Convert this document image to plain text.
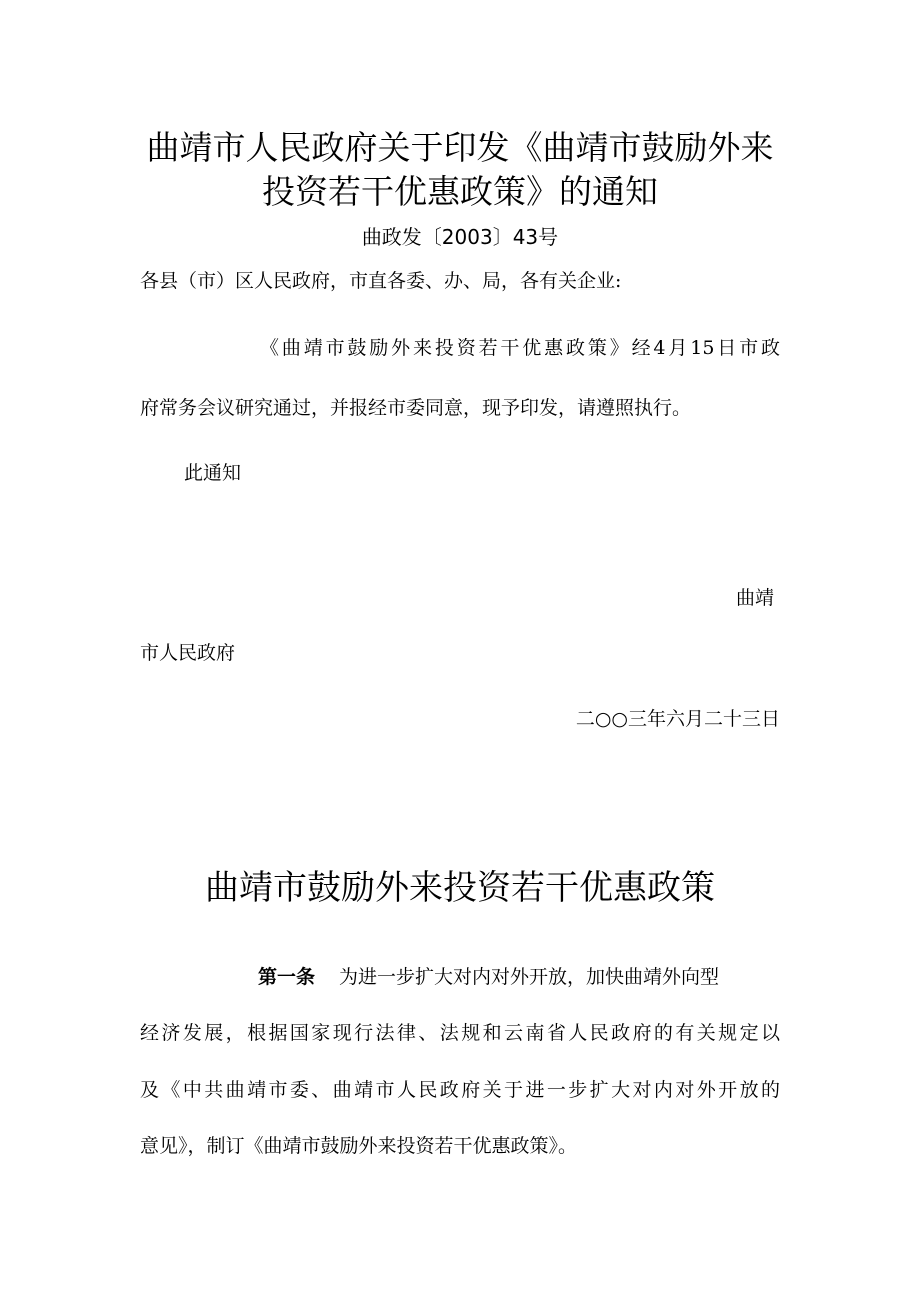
曲靖市人民政府关于印发《曲靖市鼓励外来
投资若干优惠政策》的通知
曲政发〔2003〕43号
各县（市）区人民政府，市直各委、办、局，各有关企业:
《曲靖市鼓励外来投资若干优惠政策》经4月15日市政
府常务会议研究通过，并报经市委同意，现予印发，请遵照执行。
此通知
曲靖
市人民政府
二○○三年六月二十三日
曲靖市鼓励外来投资若干优惠政策
第一条 为进一步扩大对内对外开放，加快曲靖外向型
经济发展，根据国家现行法律、法规和云南省人民政府的有关规定以
及《中共曲靖市委、曲靖市人民政府关于进一步扩大对内对外开放的
意见》，制订《曲靖市鼓励外来投资若干优惠政策》。
